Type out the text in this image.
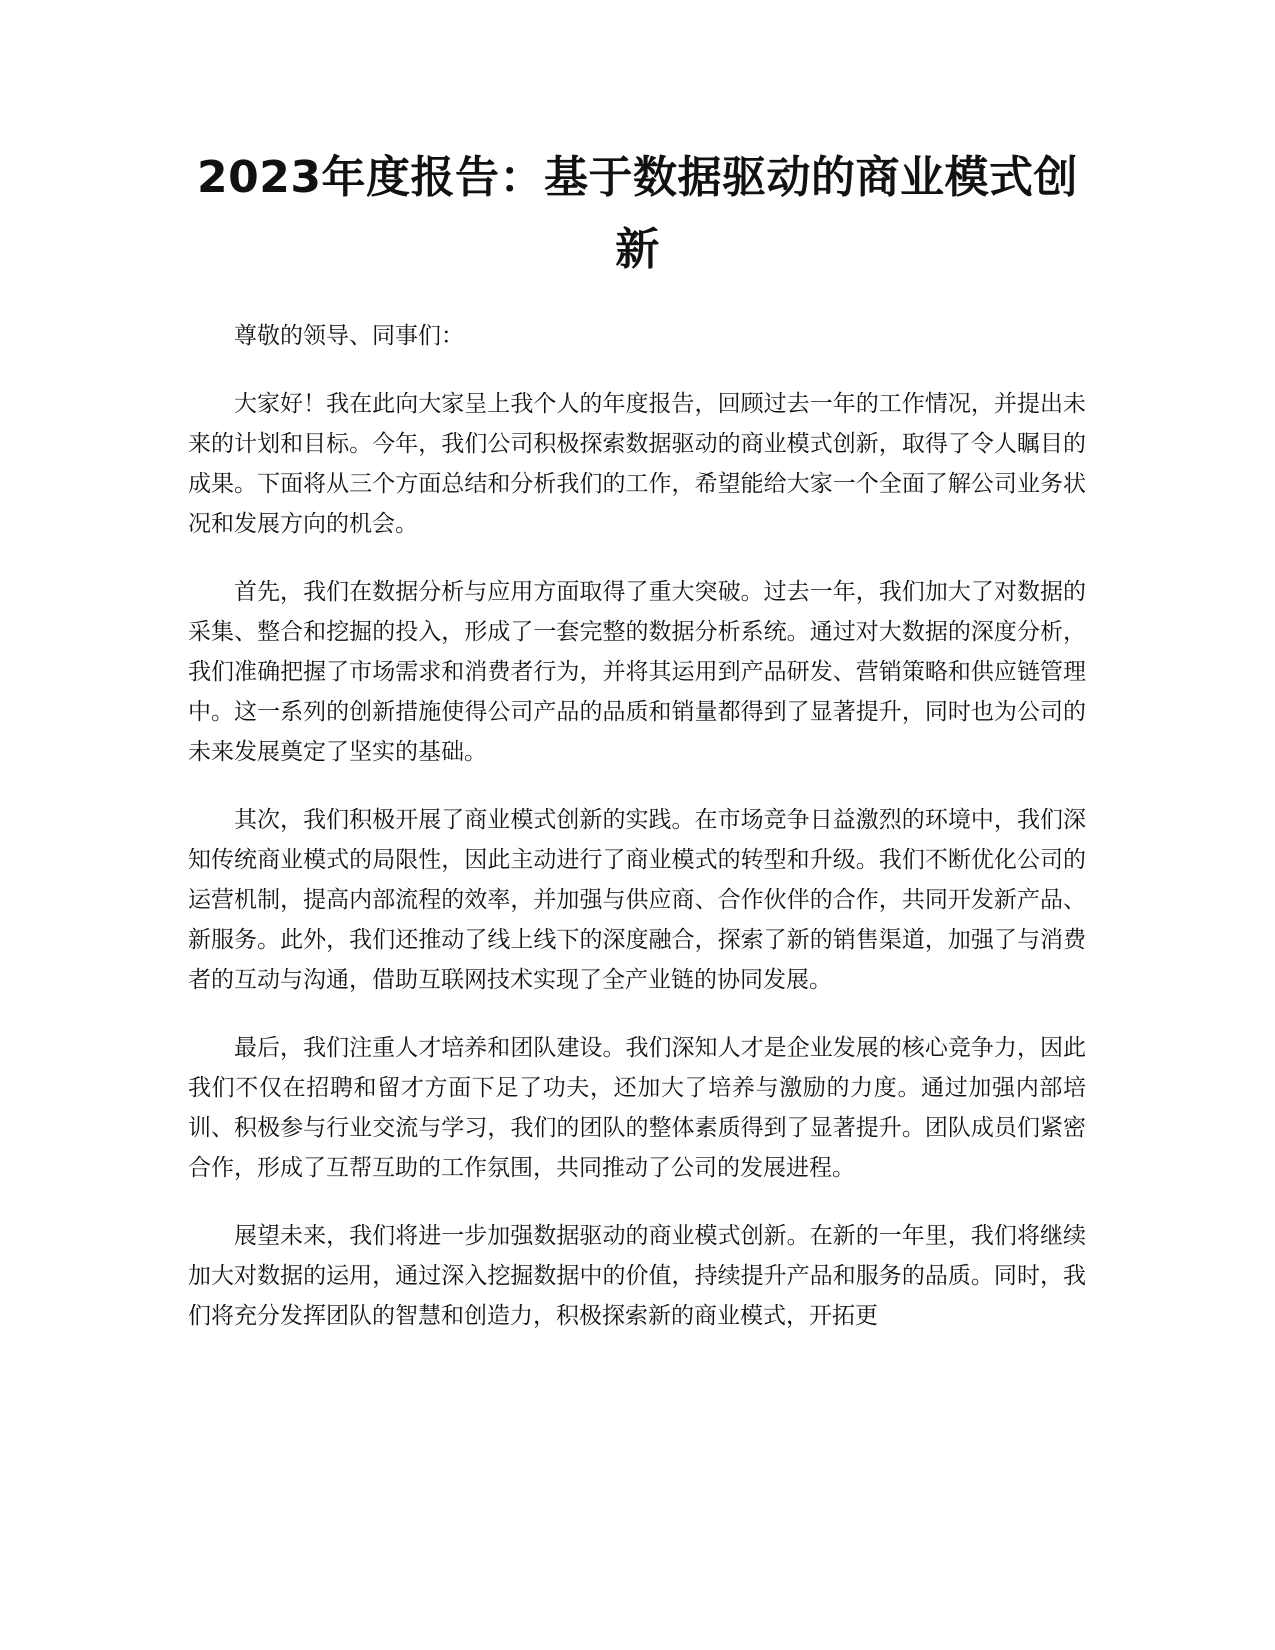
2023年度报告：基于数据驱动的商业模式创新

尊敬的领导、同事们：

大家好！我在此向大家呈上我个人的年度报告，回顾过去一年的工作情况，并提出未来的计划和目标。今年，我们公司积极探索数据驱动的商业模式创新，取得了令人瞩目的成果。下面将从三个方面总结和分析我们的工作，希望能给大家一个全面了解公司业务状况和发展方向的机会。

首先，我们在数据分析与应用方面取得了重大突破。过去一年，我们加大了对数据的采集、整合和挖掘的投入，形成了一套完整的数据分析系统。通过对大数据的深度分析，我们准确把握了市场需求和消费者行为，并将其运用到产品研发、营销策略和供应链管理中。这一系列的创新措施使得公司产品的品质和销量都得到了显著提升，同时也为公司的未来发展奠定了坚实的基础。

其次，我们积极开展了商业模式创新的实践。在市场竞争日益激烈的环境中，我们深知传统商业模式的局限性，因此主动进行了商业模式的转型和升级。我们不断优化公司的运营机制，提高内部流程的效率，并加强与供应商、合作伙伴的合作，共同开发新产品、新服务。此外，我们还推动了线上线下的深度融合，探索了新的销售渠道，加强了与消费者的互动与沟通，借助互联网技术实现了全产业链的协同发展。

最后，我们注重人才培养和团队建设。我们深知人才是企业发展的核心竞争力，因此我们不仅在招聘和留才方面下足了功夫，还加大了培养与激励的力度。通过加强内部培训、积极参与行业交流与学习，我们的团队的整体素质得到了显著提升。团队成员们紧密合作，形成了互帮互助的工作氛围，共同推动了公司的发展进程。

展望未来，我们将进一步加强数据驱动的商业模式创新。在新的一年里，我们将继续加大对数据的运用，通过深入挖掘数据中的价值，持续提升产品和服务的品质。同时，我们将充分发挥团队的智慧和创造力，积极探索新的商业模式，开拓更
